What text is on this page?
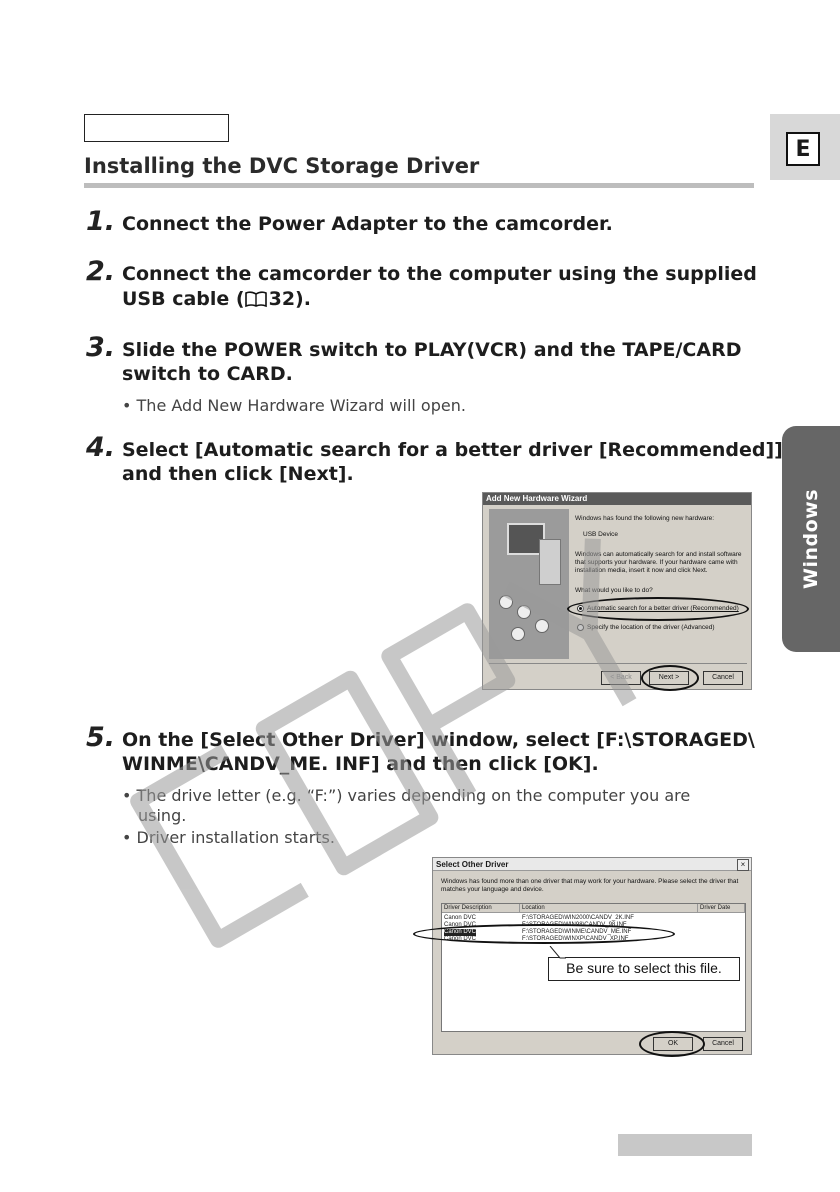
Installing the DVC Storage Driver
E
Windows
1. Connect the Power Adapter to the camcorder.
2. Connect the camcorder to the computer using the supplied
USB cable ( 32).
3. Slide the POWER switch to PLAY(VCR) and the TAPE/CARD
switch to CARD.
• The Add New Hardware Wizard will open.
4. Select [Automatic search for a better driver [Recommended]]
and then click [Next].
Add New Hardware Wizard
Windows has found the following new hardware:
USB Device
Windows can automatically search for and install software
that supports your hardware. If your hardware came with
installation media, insert it now and click Next.
What would you like to do?
Automatic search for a better driver (Recommended)
Specify the location of the driver (Advanced)
< Back	Next >	Cancel
5. On the [Select Other Driver] window, select [F:\STORAGED\
WINME\CANDV_ME. INF] and then click [OK].
• The drive letter (e.g. “F:”) varies depending on the computer you are
using.
• Driver installation starts.
Select Other Driver	×
Windows has found more than one driver that may work for your hardware. Please select the driver that
matches your language and device.
Driver Description	Location	Driver Date
Canon DVC	F:\STORAGED\WIN2000\CANDV_2K.INF
Canon DVC	F:\STORAGED\WIN98\CANDV_98.INF
Canon DVC	F:\STORAGED\WINME\CANDV_ME.INF
Canon DVC	F:\STORAGED\WINXP\CANDV_XP.INF
OK	Cancel
Be sure to select this file.
